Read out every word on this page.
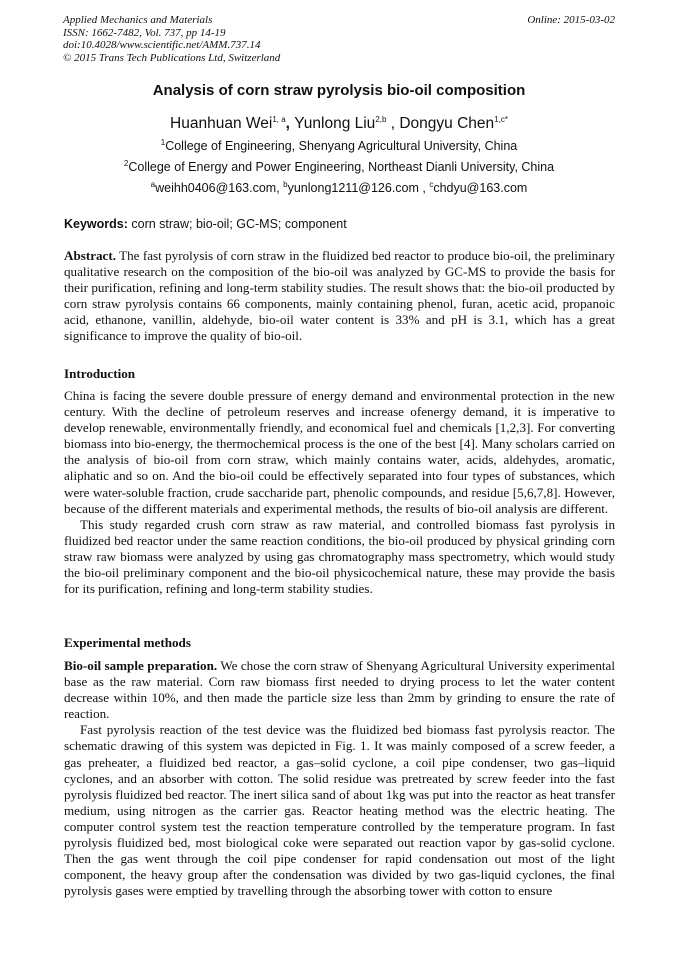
Applied Mechanics and Materials
ISSN: 1662-7482, Vol. 737, pp 14-19
doi:10.4028/www.scientific.net/AMM.737.14
© 2015 Trans Tech Publications Ltd, Switzerland
Online: 2015-03-02
Analysis of corn straw pyrolysis bio-oil composition
Huanhuan Wei$^{1, a}$, Yunlong Liu$^{2,b}$ , Dongyu Chen$^{1,c*}$
$^1$College of Engineering, Shenyang Agricultural University, China
$^2$College of Energy and Power Engineering, Northeast Dianli University, China
$^a$weihh0406@163.com, $^b$yunlong1211@126.com , $^c$chdyu@163.com
Keywords: corn straw; bio-oil; GC-MS; component
Abstract. The fast pyrolysis of corn straw in the fluidized bed reactor to produce bio-oil, the preliminary qualitative research on the composition of the bio-oil was analyzed by GC-MS to provide the basis for their purification, refining and long-term stability studies. The result shows that: the bio-oil producted by corn straw pyrolysis contains 66 components, mainly containing phenol, furan, acetic acid, propanoic acid, ethanone, vanillin, aldehyde, bio-oil water content is 33% and pH is 3.1, which has a great significance to improve the quality of bio-oil.
Introduction
China is facing the severe double pressure of energy demand and environmental protection in the new century. With the decline of petroleum reserves and increase ofenergy demand, it is imperative to develop renewable, environmentally friendly, and economical fuel and chemicals [1,2,3]. For converting biomass into bio-energy, the thermochemical process is the one of the best [4]. Many scholars carried on the analysis of bio-oil from corn straw, which mainly contains water, acids, aldehydes, aromatic, aliphatic and so on. And the bio-oil could be effectively separated into four types of substances, which were water-soluble fraction, crude saccharide part, phenolic compounds, and residue [5,6,7,8]. However, because of the different materials and experimental methods, the results of bio-oil analysis are different.
This study regarded crush corn straw as raw material, and controlled biomass fast pyrolysis in fluidized bed reactor under the same reaction conditions, the bio-oil produced by physical grinding corn straw raw biomass were analyzed by using gas chromatography mass spectrometry, which would study the bio-oil preliminary component and the bio-oil physicochemical nature, these may provide the basis for its purification, refining and long-term stability studies.
Experimental methods
Bio-oil sample preparation. We chose the corn straw of Shenyang Agricultural University experimental base as the raw material. Corn raw biomass first needed to drying process to let the water content decrease within 10%, and then made the particle size less than 2mm by grinding to ensure the rate of reaction.
Fast pyrolysis reaction of the test device was the fluidized bed biomass fast pyrolysis reactor. The schematic drawing of this system was depicted in Fig. 1. It was mainly composed of a screw feeder, a gas preheater, a fluidized bed reactor, a gas–solid cyclone, a coil pipe condenser, two gas–liquid cyclones, and an absorber with cotton. The solid residue was pretreated by screw feeder into the fast pyrolysis fluidized bed reactor. The inert silica sand of about 1kg was put into the reactor as heat transfer medium, using nitrogen as the carrier gas. Reactor heating method was the electric heating. The computer control system test the reaction temperature controlled by the temperature program. In fast pyrolysis fluidized bed, most biological coke were separated out reaction vapor by gas-solid cyclone. Then the gas went through the coil pipe condenser for rapid condensation out most of the light component, the heavy group after the condensation was divided by two gas-liquid cyclones, the final pyrolysis gases were emptied by travelling through the absorbing tower with cotton to ensure
